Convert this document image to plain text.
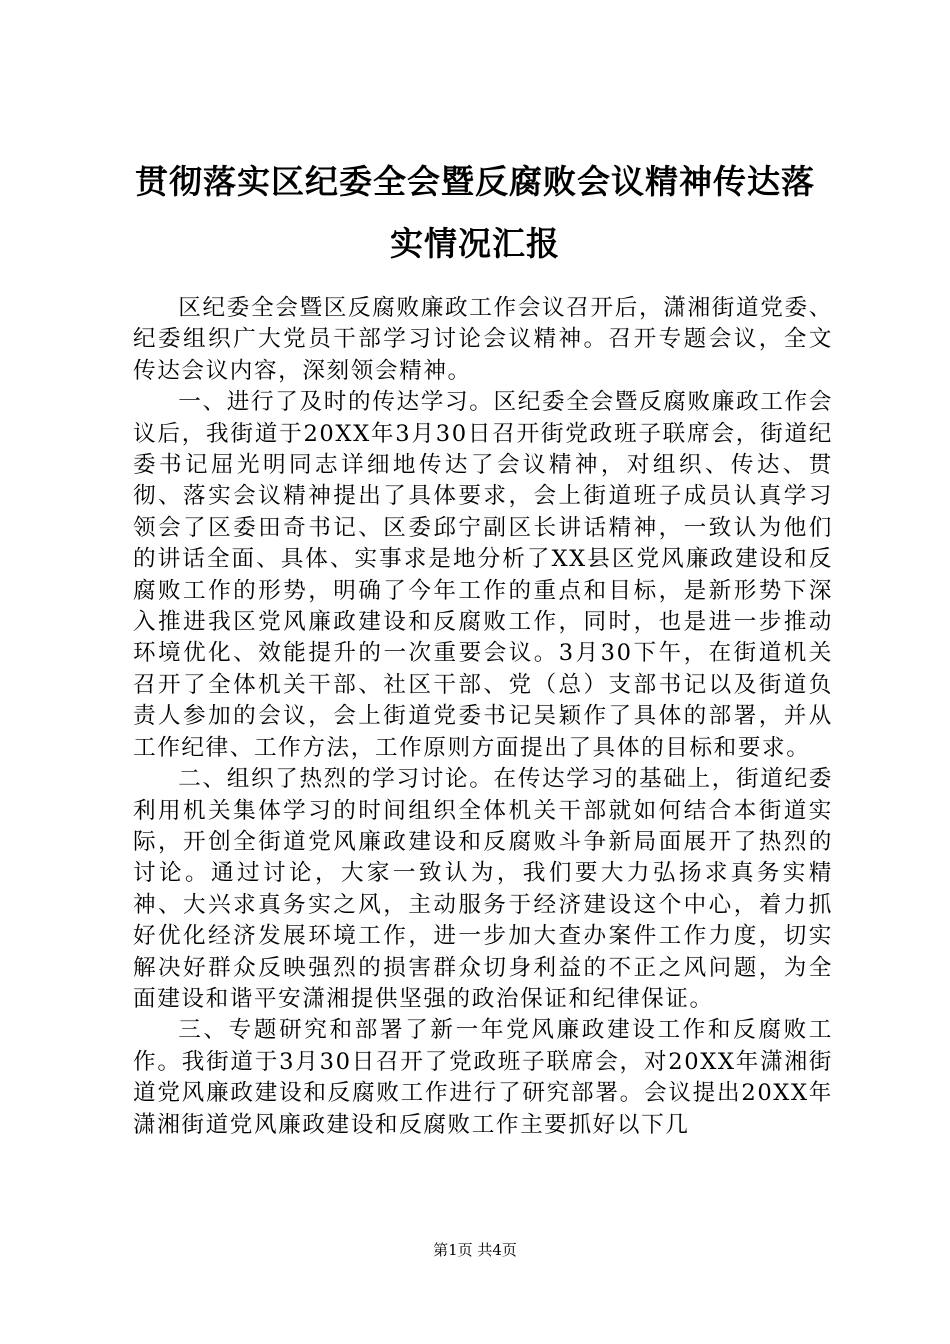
贯彻落实区纪委全会暨反腐败会议精神传达落
实情况汇报

区纪委全会暨区反腐败廉政工作会议召开后，潇湘街道党委、纪委组织广大党员干部学习讨论会议精神。召开专题会议，全文传达会议内容，深刻领会精神。

一、进行了及时的传达学习。区纪委全会暨反腐败廉政工作会议后，我街道于20XX年3月30日召开街党政班子联席会，街道纪委书记屈光明同志详细地传达了会议精神，对组织、传达、贯彻、落实会议精神提出了具体要求，会上街道班子成员认真学习领会了区委田奇书记、区委邱宁副区长讲话精神，一致认为他们的讲话全面、具体、实事求是地分析了XX县区党风廉政建设和反腐败工作的形势，明确了今年工作的重点和目标，是新形势下深入推进我区党风廉政建设和反腐败工作，同时，也是进一步推动环境优化、效能提升的一次重要会议。3月30下午，在街道机关召开了全体机关干部、社区干部、党（总）支部书记以及街道负责人参加的会议，会上街道党委书记吴颖作了具体的部署，并从工作纪律、工作方法，工作原则方面提出了具体的目标和要求。

二、组织了热烈的学习讨论。在传达学习的基础上，街道纪委利用机关集体学习的时间组织全体机关干部就如何结合本街道实际，开创全街道党风廉政建设和反腐败斗争新局面展开了热烈的讨论。通过讨论，大家一致认为，我们要大力弘扬求真务实精神、大兴求真务实之风，主动服务于经济建设这个中心，着力抓好优化经济发展环境工作，进一步加大查办案件工作力度，切实解决好群众反映强烈的损害群众切身利益的不正之风问题，为全面建设和谐平安潇湘提供坚强的政治保证和纪律保证。

三、专题研究和部署了新一年党风廉政建设工作和反腐败工作。我街道于3月30日召开了党政班子联席会，对20XX年潇湘街道党风廉政建设和反腐败工作进行了研究部署。会议提出20XX年潇湘街道党风廉政建设和反腐败工作主要抓好以下几

第1页 共4页
